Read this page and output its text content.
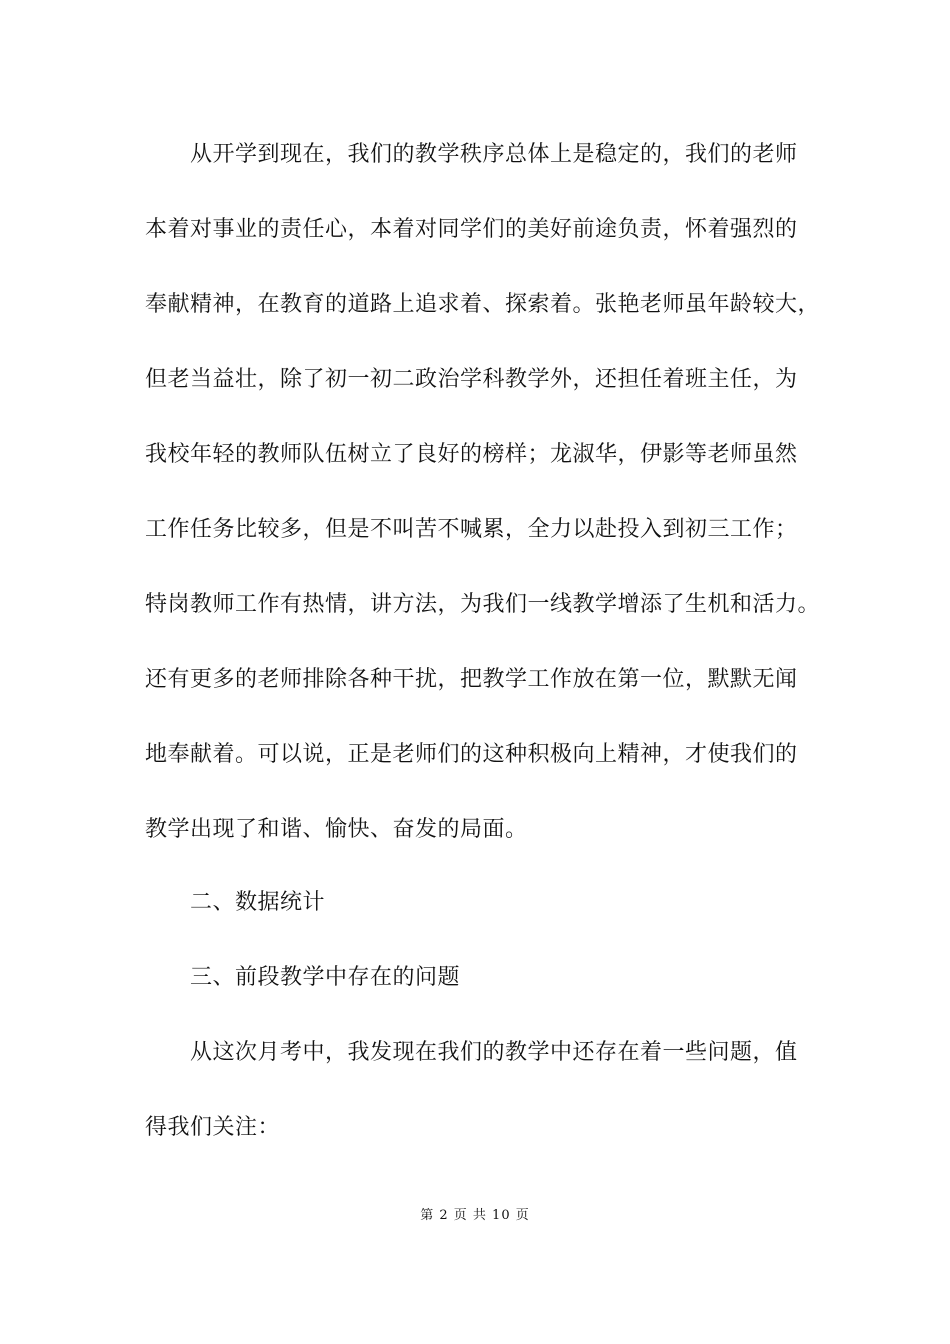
从开学到现在，我们的教学秩序总体上是稳定的，我们的老师
本着对事业的责任心，本着对同学们的美好前途负责，怀着强烈的
奉献精神，在教育的道路上追求着、探索着。张艳老师虽年龄较大，
但老当益壮，除了初一初二政治学科教学外，还担任着班主任，为
我校年轻的教师队伍树立了良好的榜样；龙淑华，伊影等老师虽然
工作任务比较多，但是不叫苦不喊累，全力以赴投入到初三工作；
特岗教师工作有热情，讲方法，为我们一线教学增添了生机和活力。
还有更多的老师排除各种干扰，把教学工作放在第一位，默默无闻
地奉献着。可以说，正是老师们的这种积极向上精神，才使我们的
教学出现了和谐、愉快、奋发的局面。
二、数据统计
三、前段教学中存在的问题
从这次月考中，我发现在我们的教学中还存在着一些问题，值
得我们关注：
第 2 页 共 10 页
